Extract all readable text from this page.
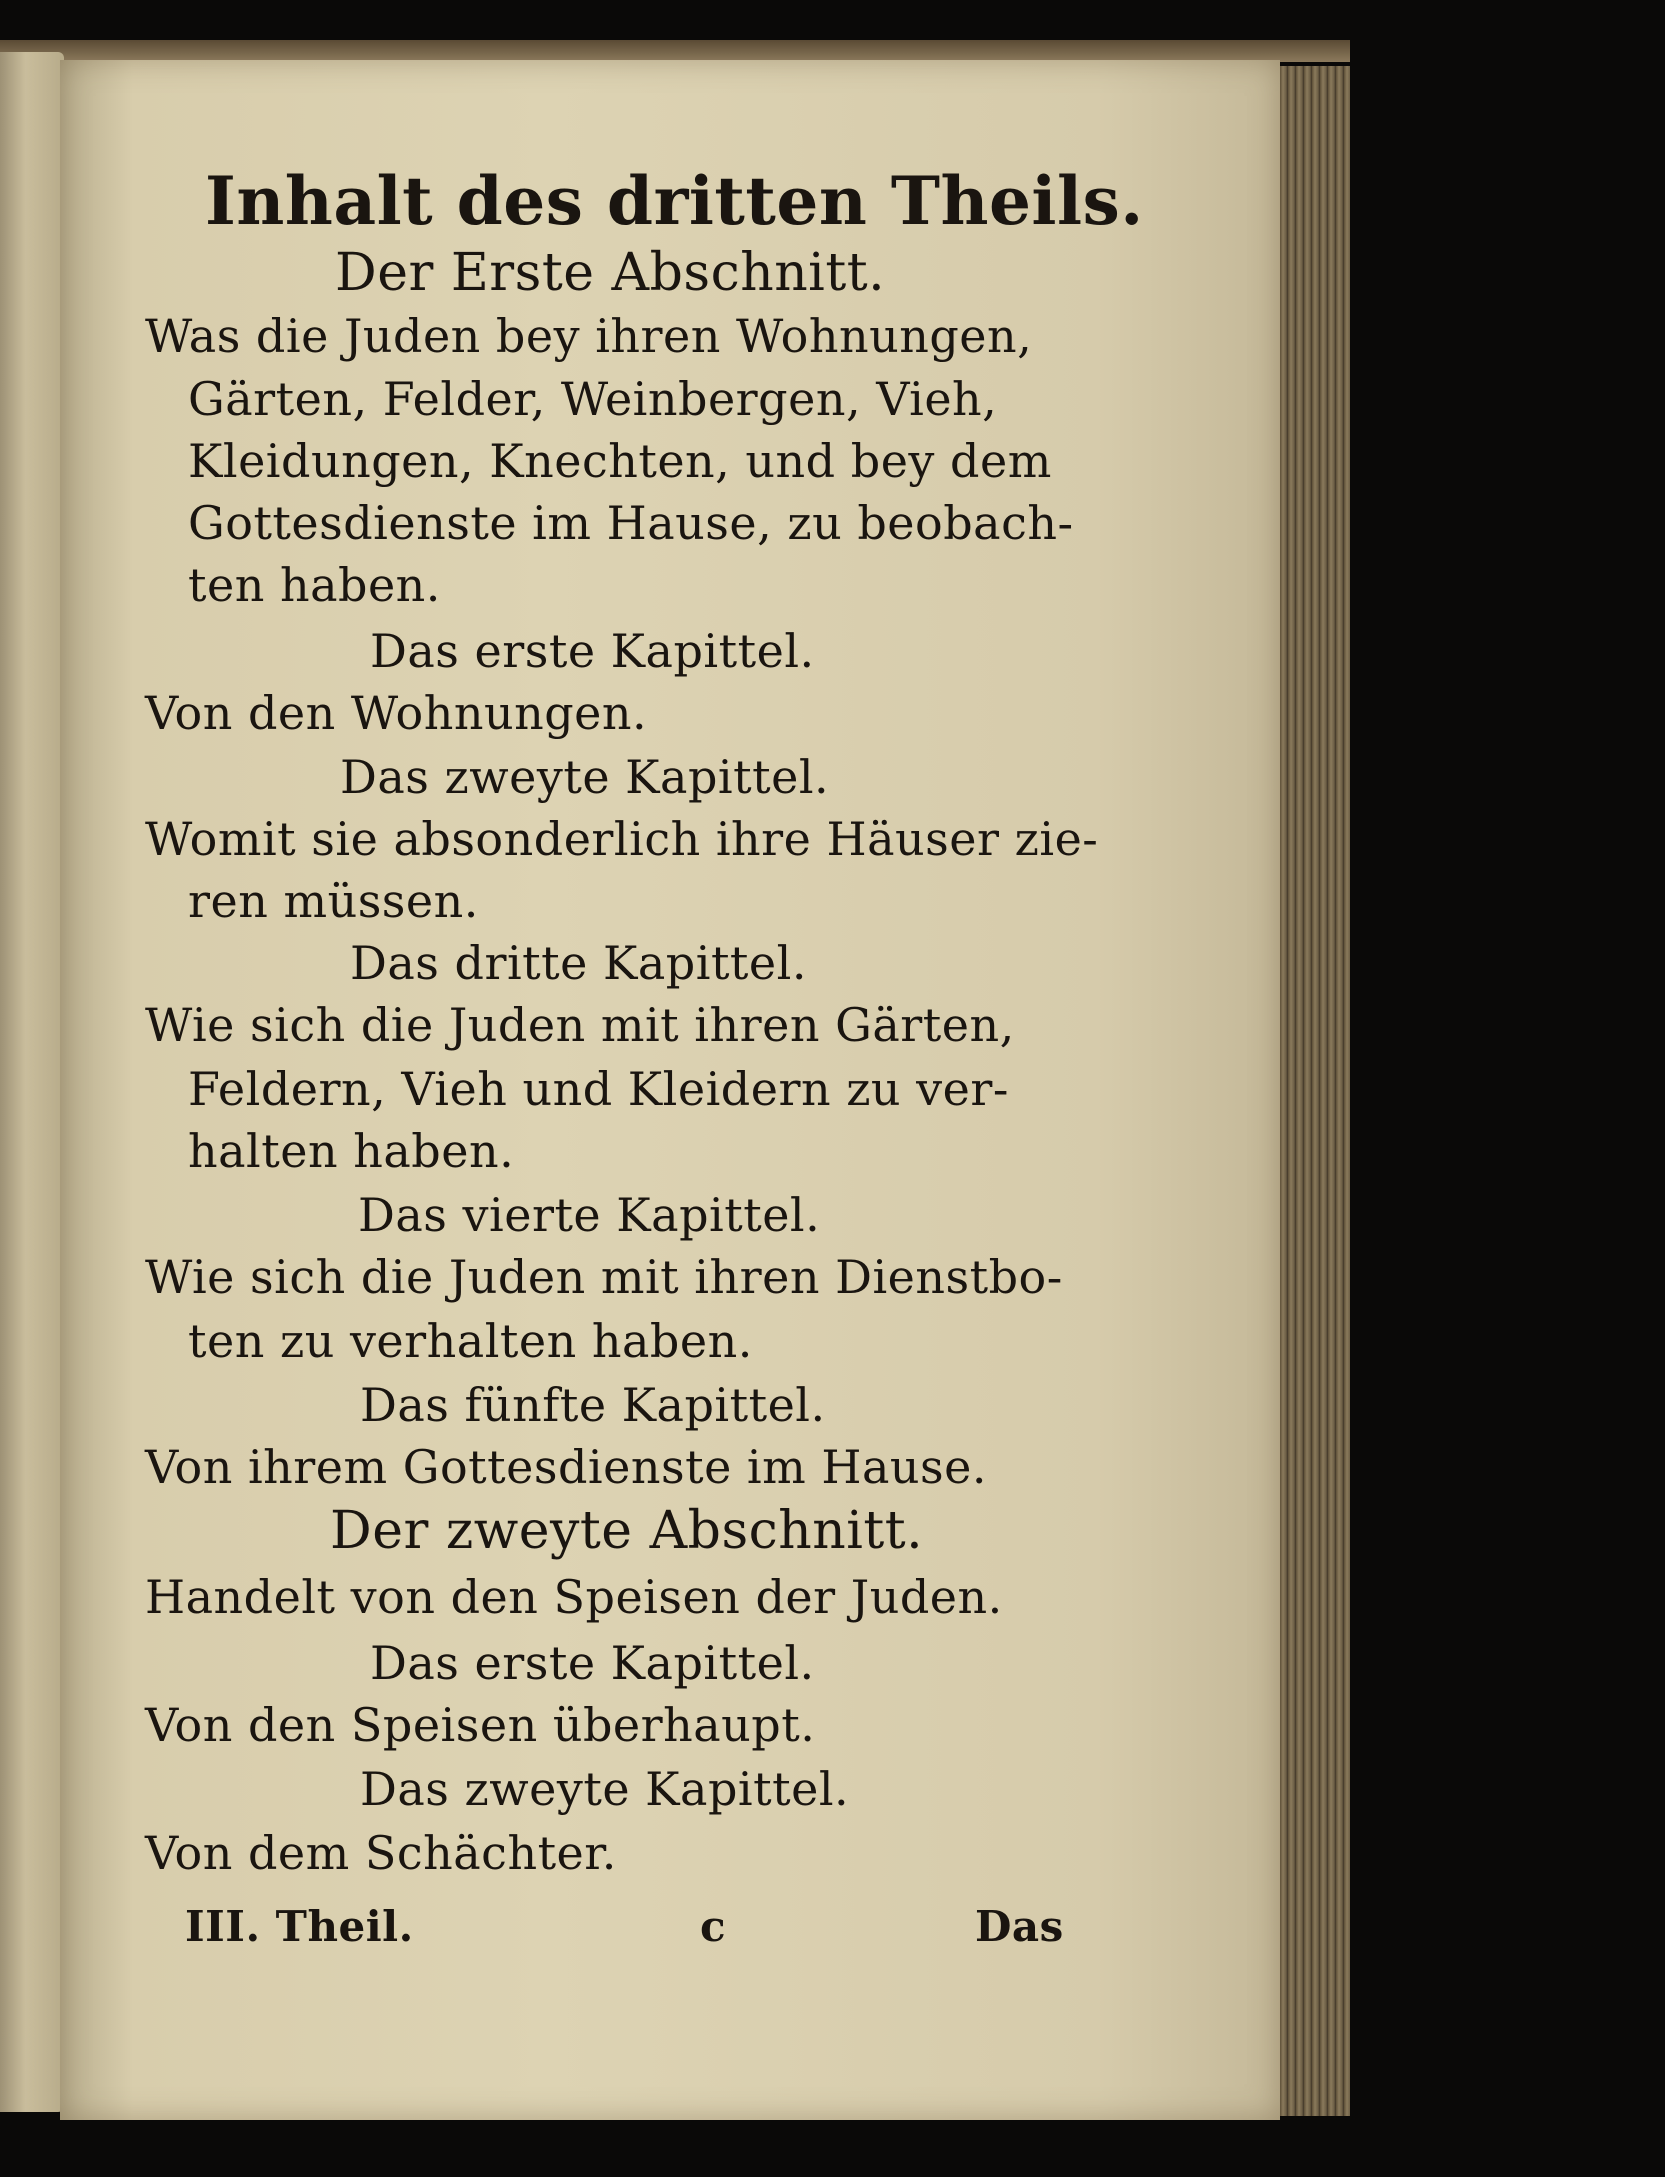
Inhalt des dritten Theils.
Der Erste Abschnitt.
Was die Juden bey ihren Wohnungen,
Gärten, Felder, Weinbergen, Vieh,
Kleidungen, Knechten, und bey dem
Gottesdienste im Hause, zu beobach-
ten haben.
Das erste Kapittel.
Von den Wohnungen.
Das zweyte Kapittel.
Womit sie absonderlich ihre Häuser zie-
ren müssen.
Das dritte Kapittel.
Wie sich die Juden mit ihren Gärten,
Feldern, Vieh und Kleidern zu ver-
halten haben.
Das vierte Kapittel.
Wie sich die Juden mit ihren Dienstbo-
ten zu verhalten haben.
Das fünfte Kapittel.
Von ihrem Gottesdienste im Hause.
Der zweyte Abschnitt.
Handelt von den Speisen der Juden.
Das erste Kapittel.
Von den Speisen überhaupt.
Das zweyte Kapittel.
Von dem Schächter.
III. Theil.	c	Das
